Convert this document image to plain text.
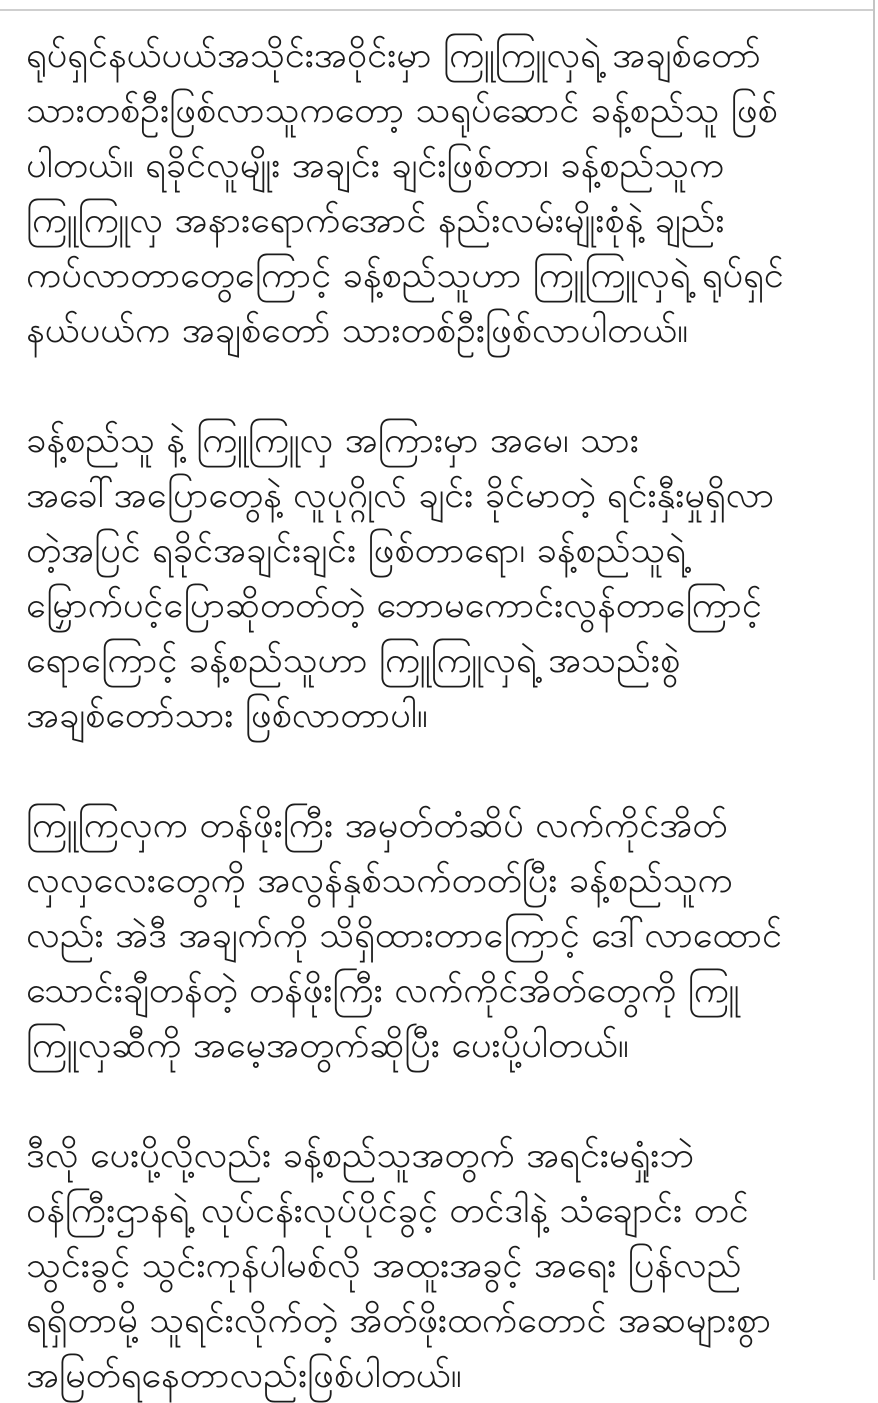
ရုပ်ရှင်နယ်ပယ်အသိုင်းအဝိုင်းမှာ ကြူကြူလှရဲ့ အချစ်တော်
သားတစ်ဦးဖြစ်လာသူကတော့ သရုပ်ဆောင် ခန့်စည်သူ ဖြစ်
ပါတယ်။ ရခိုင်လူမျိုး အချင်း ချင်းဖြစ်တာ၊ ခန့်စည်သူက
ကြူကြူလှ အနားရောက်အောင် နည်းလမ်းမျိုးစုံနဲ့ ချည်း
ကပ်လာတာတွေကြောင့် ခန့်စည်သူဟာ ကြူကြူလှရဲ့ ရုပ်ရှင်
နယ်ပယ်က အချစ်တော် သားတစ်ဦးဖြစ်လာပါတယ်။
ခန့်စည်သူ နဲ့ ကြူကြူလှ အကြားမှာ အမေ၊ သား
အခေါ်အပြောတွေနဲ့ လူပုဂ္ဂိုလ် ချင်း ခိုင်မာတဲ့ ရင်းနှီးမှုရှိလာ
တဲ့အပြင် ရခိုင်အချင်းချင်း ဖြစ်တာရော၊ ခန့်စည်သူရဲ့
မြှောက်ပင့်ပြောဆိုတတ်တဲ့ ဘောမကောင်းလွန်တာကြောင့်
ရောကြောင့် ခန့်စည်သူဟာ ကြူကြူလှရဲ့ အသည်းစွဲ
အချစ်တော်သား ဖြစ်လာတာပါ။
ကြူကြလှက တန်ဖိုးကြီး အမှတ်တံဆိပ် လက်ကိုင်အိတ်
လှလှလေးတွေကို အလွန်နှစ်သက်တတ်ပြီး ခန့်စည်သူက
လည်း အဲဒီ အချက်ကို သိရှိထားတာကြောင့် ဒေါ်လာထောင်
သောင်းချီတန်တဲ့ တန်ဖိုးကြီး လက်ကိုင်အိတ်တွေကို ကြူ
ကြူလှဆီကို အမေ့အတွက်ဆိုပြီး ပေးပို့ပါတယ်။
ဒီလို ပေးပို့လို့လည်း ခန့်စည်သူအတွက် အရင်းမရှုံးဘဲ
ဝန်ကြီးဌာနရဲ့ လုပ်ငန်းလုပ်ပိုင်ခွင့် တင်ဒါနဲ့ သံချောင်း တင်
သွင်းခွင့် သွင်းကုန်ပါမစ်လို အထူးအခွင့် အရေး ပြန်လည်
ရရှိတာမို့ သူရင်းလိုက်တဲ့ အိတ်ဖိုးထက်တောင် အဆများစွာ
အမြတ်ရနေတာလည်းဖြစ်ပါတယ်။
